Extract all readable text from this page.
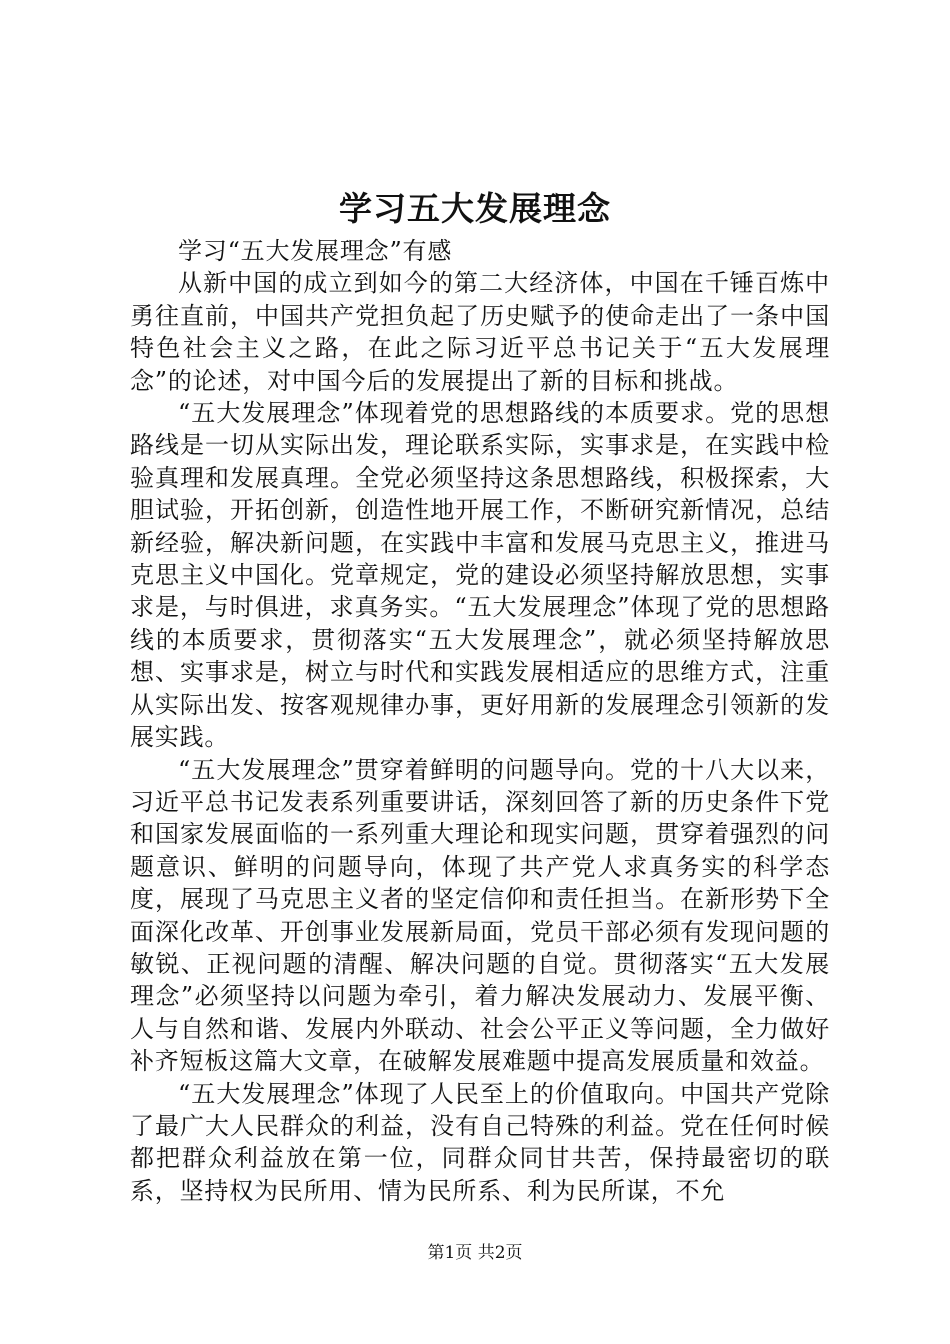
学习五大发展理念

学习“五大发展理念”有感

从新中国的成立到如今的第二大经济体，中国在千锤百炼中勇往直前，中国共产党担负起了历史赋予的使命走出了一条中国特色社会主义之路，在此之际习近平总书记关于“五大发展理念”的论述，对中国今后的发展提出了新的目标和挑战。

“五大发展理念”体现着党的思想路线的本质要求。党的思想路线是一切从实际出发，理论联系实际，实事求是，在实践中检验真理和发展真理。全党必须坚持这条思想路线，积极探索，大胆试验，开拓创新，创造性地开展工作，不断研究新情况，总结新经验，解决新问题，在实践中丰富和发展马克思主义，推进马克思主义中国化。党章规定，党的建设必须坚持解放思想，实事求是，与时俱进，求真务实。“五大发展理念”体现了党的思想路线的本质要求，贯彻落实“五大发展理念”，就必须坚持解放思想、实事求是，树立与时代和实践发展相适应的思维方式，注重从实际出发、按客观规律办事，更好用新的发展理念引领新的发展实践。

“五大发展理念”贯穿着鲜明的问题导向。党的十八大以来，习近平总书记发表系列重要讲话，深刻回答了新的历史条件下党和国家发展面临的一系列重大理论和现实问题，贯穿着强烈的问题意识、鲜明的问题导向，体现了共产党人求真务实的科学态度，展现了马克思主义者的坚定信仰和责任担当。在新形势下全面深化改革、开创事业发展新局面，党员干部必须有发现问题的敏锐、正视问题的清醒、解决问题的自觉。贯彻落实“五大发展理念”必须坚持以问题为牵引，着力解决发展动力、发展平衡、人与自然和谐、发展内外联动、社会公平正义等问题，全力做好补齐短板这篇大文章，在破解发展难题中提高发展质量和效益。

“五大发展理念”体现了人民至上的价值取向。中国共产党除了最广大人民群众的利益，没有自己特殊的利益。党在任何时候都把群众利益放在第一位，同群众同甘共苦，保持最密切的联系，坚持权为民所用、情为民所系、利为民所谋，不允

第1页 共2页
